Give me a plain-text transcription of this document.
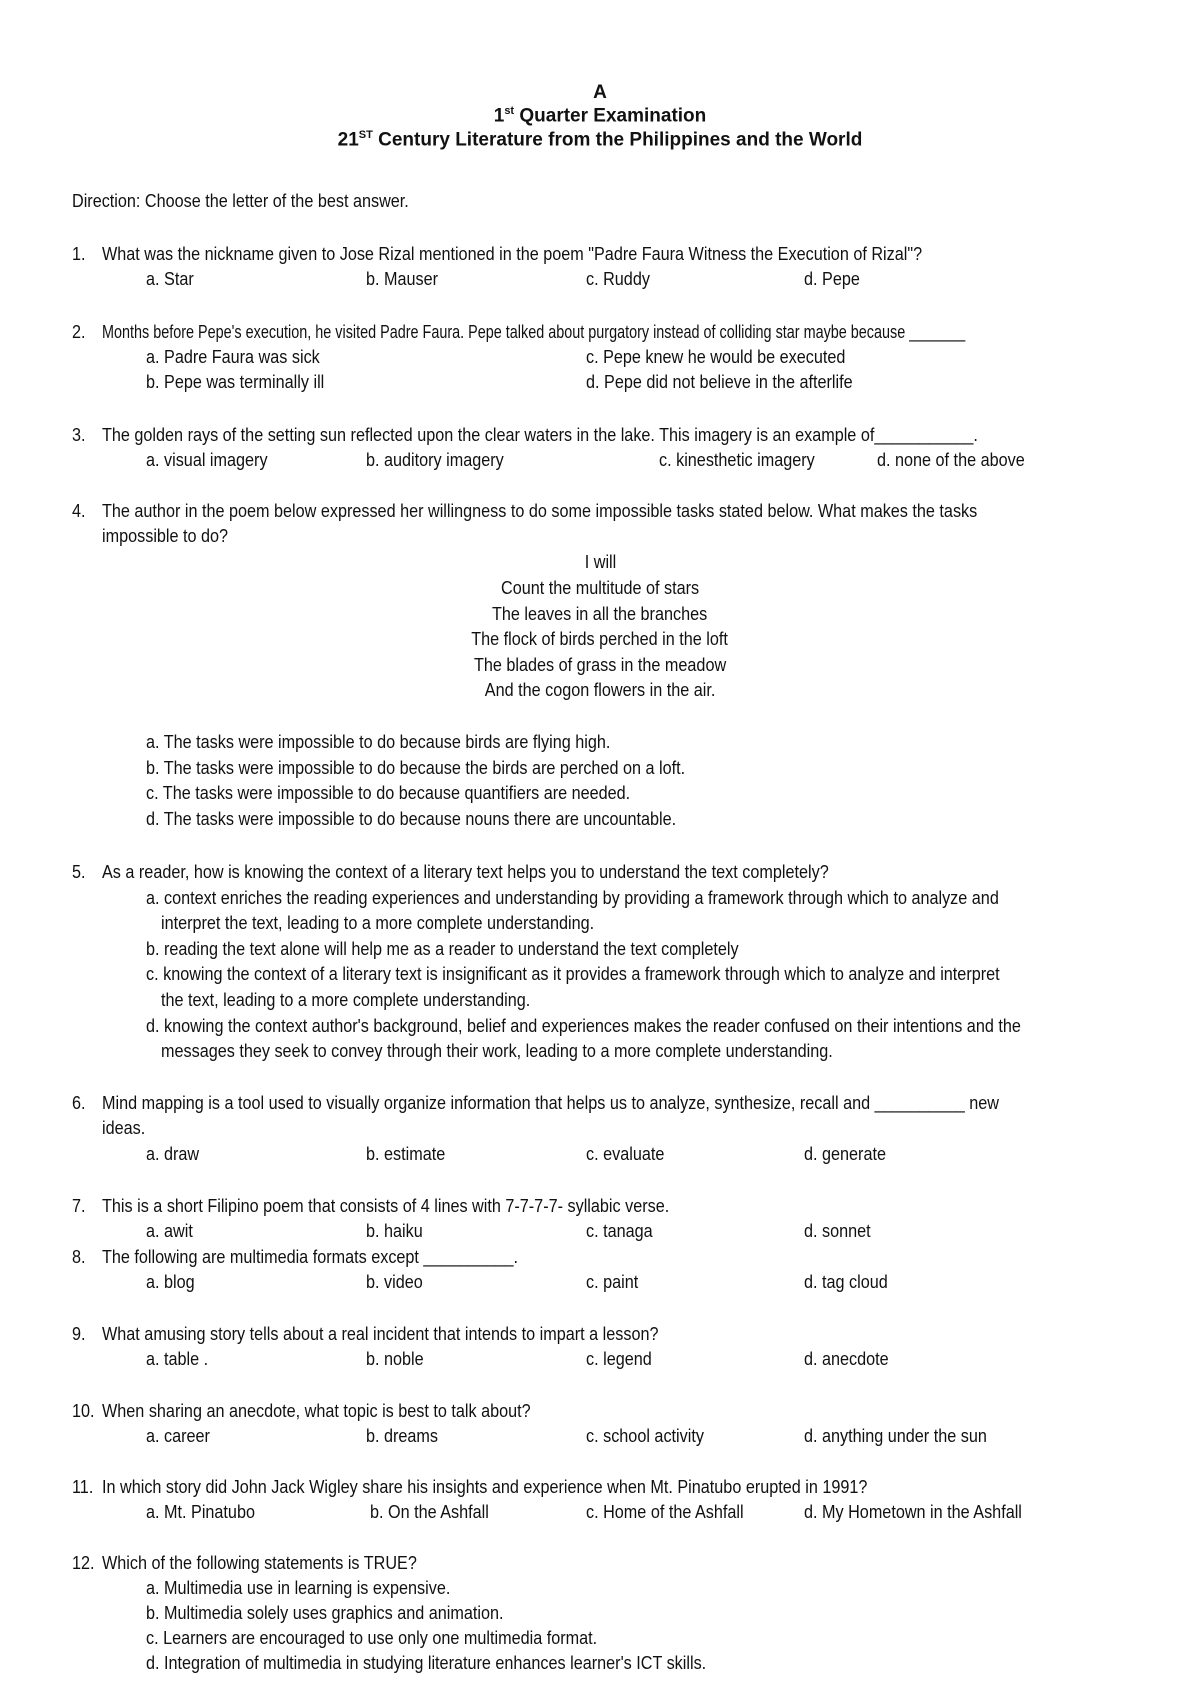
A
1st Quarter Examination
21ST Century Literature from the Philippines and the World
Direction: Choose the letter of the best answer.
1. What was the nickname given to Jose Rizal mentioned in the poem "Padre Faura Witness the Execution of Rizal"?
a. Star	b. Mauser	c. Ruddy	d. Pepe
2. Months before Pepe's execution, he visited Padre Faura. Pepe talked about purgatory instead of colliding star maybe because _______
a. Padre Faura was sick	c. Pepe knew he would be executed
b. Pepe was terminally ill	d. Pepe did not believe in the afterlife
3. The golden rays of the setting sun reflected upon the clear waters in the lake. This imagery is an example of___________.
a. visual imagery	b. auditory imagery	c. kinesthetic imagery	d. none of the above
4. The author in the poem below expressed her willingness to do some impossible tasks stated below. What makes the tasks
impossible to do?
I will
Count the multitude of stars
The leaves in all the branches
The flock of birds perched in the loft
The blades of grass in the meadow
And the cogon flowers in the air.
a. The tasks were impossible to do because birds are flying high.
b. The tasks were impossible to do because the birds are perched on a loft.
c. The tasks were impossible to do because quantifiers are needed.
d. The tasks were impossible to do because nouns there are uncountable.
5. As a reader, how is knowing the context of a literary text helps you to understand the text completely?
a. context enriches the reading experiences and understanding by providing a framework through which to analyze and
interpret the text, leading to a more complete understanding.
b. reading the text alone will help me as a reader to understand the text completely
c. knowing the context of a literary text is insignificant as it provides a framework through which to analyze and interpret
the text, leading to a more complete understanding.
d. knowing the context author's background, belief and experiences makes the reader confused on their intentions and the
messages they seek to convey through their work, leading to a more complete understanding.
6. Mind mapping is a tool used to visually organize information that helps us to analyze, synthesize, recall and __________ new
ideas.
a. draw	b. estimate	c. evaluate	d. generate
7. This is a short Filipino poem that consists of 4 lines with 7-7-7-7- syllabic verse.
a. awit	b. haiku	c. tanaga	d. sonnet
8. The following are multimedia formats except __________.
a. blog	b. video	c. paint	d. tag cloud
9. What amusing story tells about a real incident that intends to impart a lesson?
a. table .	b. noble	c. legend	d. anecdote
10. When sharing an anecdote, what topic is best to talk about?
a. career	b. dreams	c. school activity	d. anything under the sun
11. In which story did John Jack Wigley share his insights and experience when Mt. Pinatubo erupted in 1991?
a. Mt. Pinatubo	b. On the Ashfall	c. Home of the Ashfall	d. My Hometown in the Ashfall
12. Which of the following statements is TRUE?
a. Multimedia use in learning is expensive.
b. Multimedia solely uses graphics and animation.
c. Learners are encouraged to use only one multimedia format.
d. Integration of multimedia in studying literature enhances learner's ICT skills.
